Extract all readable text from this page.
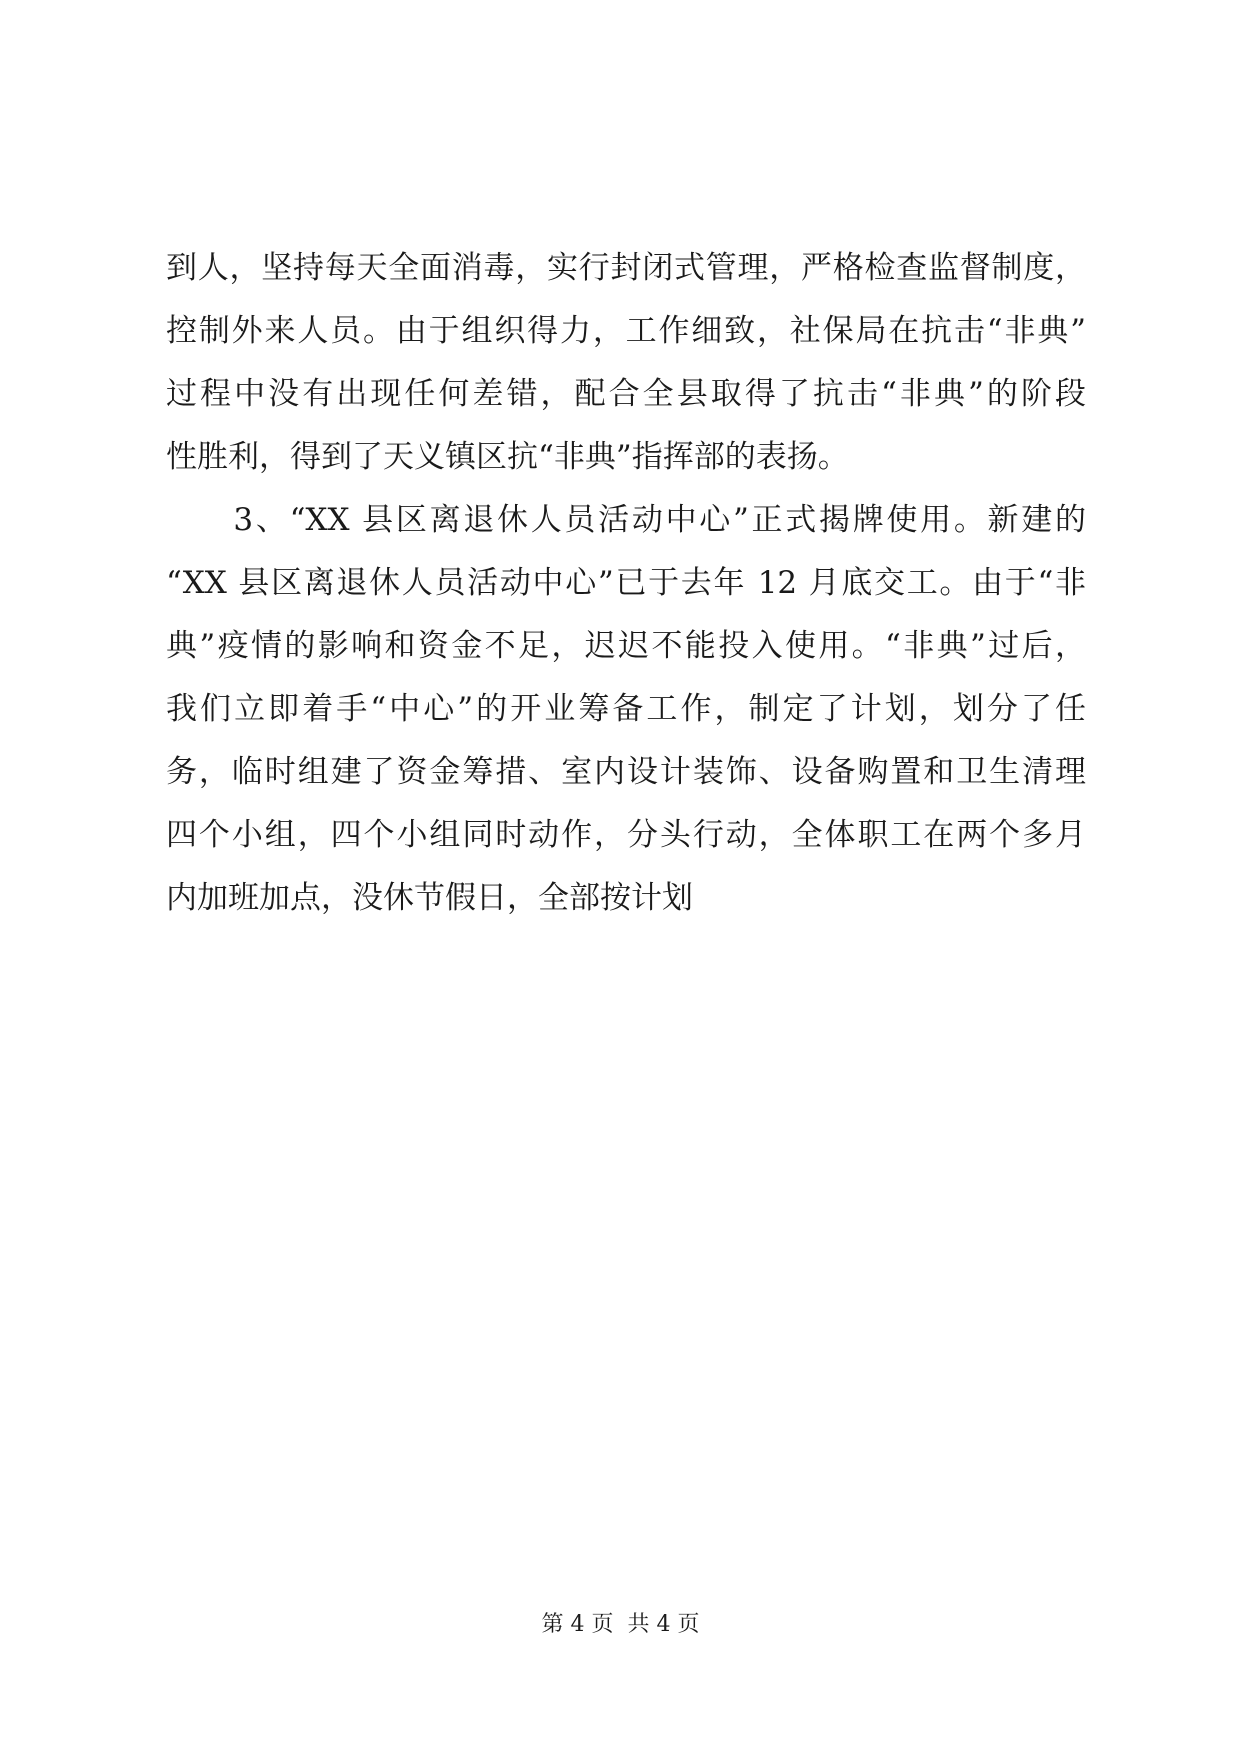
到人，坚持每天全面消毒，实行封闭式管理，严格检查监督制度，
控制外来人员。由于组织得力，工作细致，社保局在抗击“非典”
过程中没有出现任何差错，配合全县取得了抗击“非典”的阶段
性胜利，得到了天义镇区抗“非典”指挥部的表扬。
　　3、“XX 县区离退休人员活动中心”正式揭牌使用。新建的
“XX 县区离退休人员活动中心”已于去年 12 月底交工。由于“非
典”疫情的影响和资金不足，迟迟不能投入使用。“非典”过后，
我们立即着手“中心”的开业筹备工作，制定了计划，划分了任
务，临时组建了资金筹措、室内设计装饰、设备购置和卫生清理
四个小组，四个小组同时动作，分头行动，全体职工在两个多月
内加班加点，没休节假日，全部按计划
第 4 页 共 4 页
